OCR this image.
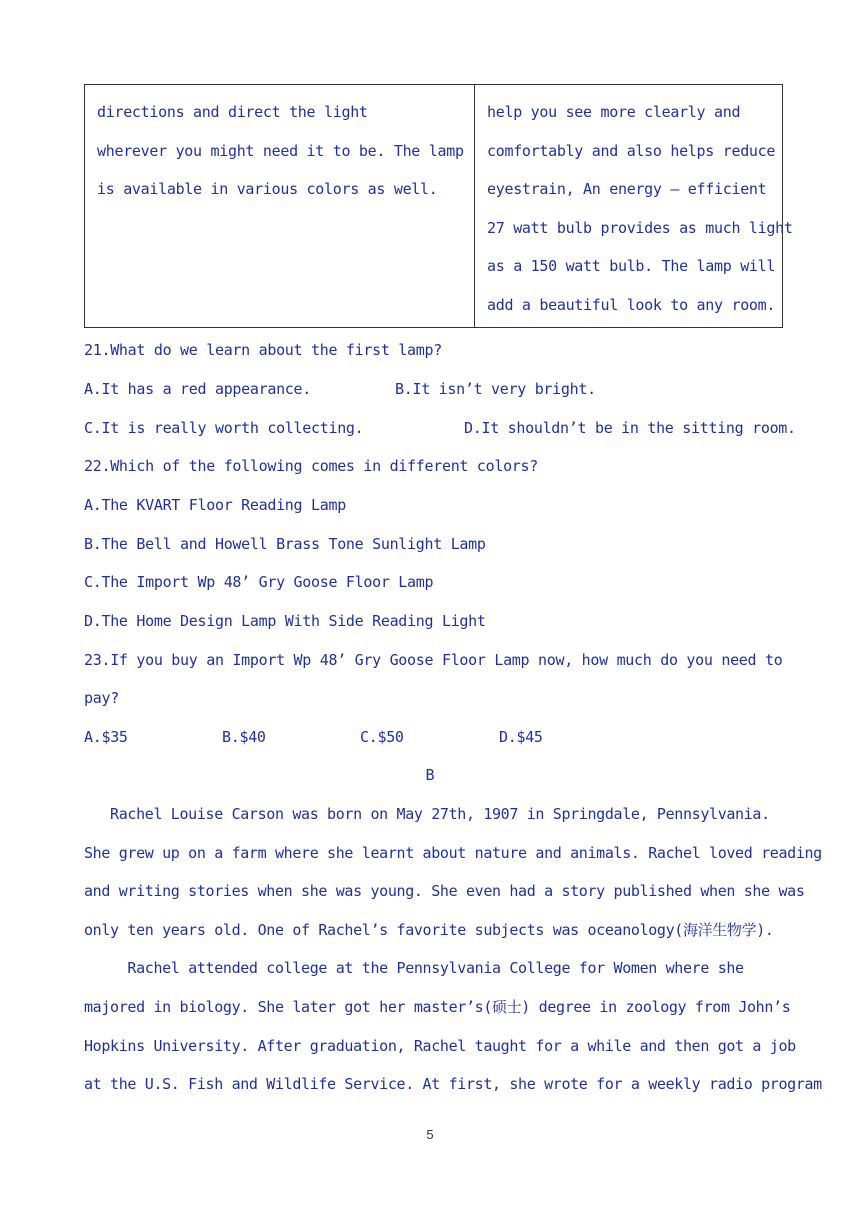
directions and direct the light

wherever you might need it to be. The lamp

is available in various colors as well.

help you see more clearly and

comfortably and also helps reduce

eyestrain, An energy – efficient

27 watt bulb provides as much light

as a 150 watt bulb. The lamp will

add a beautiful look to any room.

21.What do we learn about the first lamp?
A.It has a red appearance.	B.It isn’t very bright.
C.It is really worth collecting.	D.It shouldn’t be in the sitting room.
22.Which of the following comes in different colors?
A.The KVART Floor Reading Lamp
B.The Bell and Howell Brass Tone Sunlight Lamp
C.The Import Wp 48’ Gry Goose Floor Lamp
D.The Home Design Lamp With Side Reading Light
23.If you buy an Import Wp 48’ Gry Goose Floor Lamp now, how much do you need to
pay?
A.$35	B.$40	C.$50	D.$45
B
Rachel Louise Carson was born on May 27th, 1907 in Springdale, Pennsylvania.
She grew up on a farm where she learnt about nature and animals. Rachel loved reading
and writing stories when she was young. She even had a story published when she was
only ten years old. One of Rachel’s favorite subjects was oceanology(海洋生物学).
Rachel attended college at the Pennsylvania College for Women where she
majored in biology. She later got her master’s(硕士) degree in zoology from John’s
Hopkins University. After graduation, Rachel taught for a while and then got a job
at the U.S. Fish and Wildlife Service. At first, she wrote for a weekly radio program
5
